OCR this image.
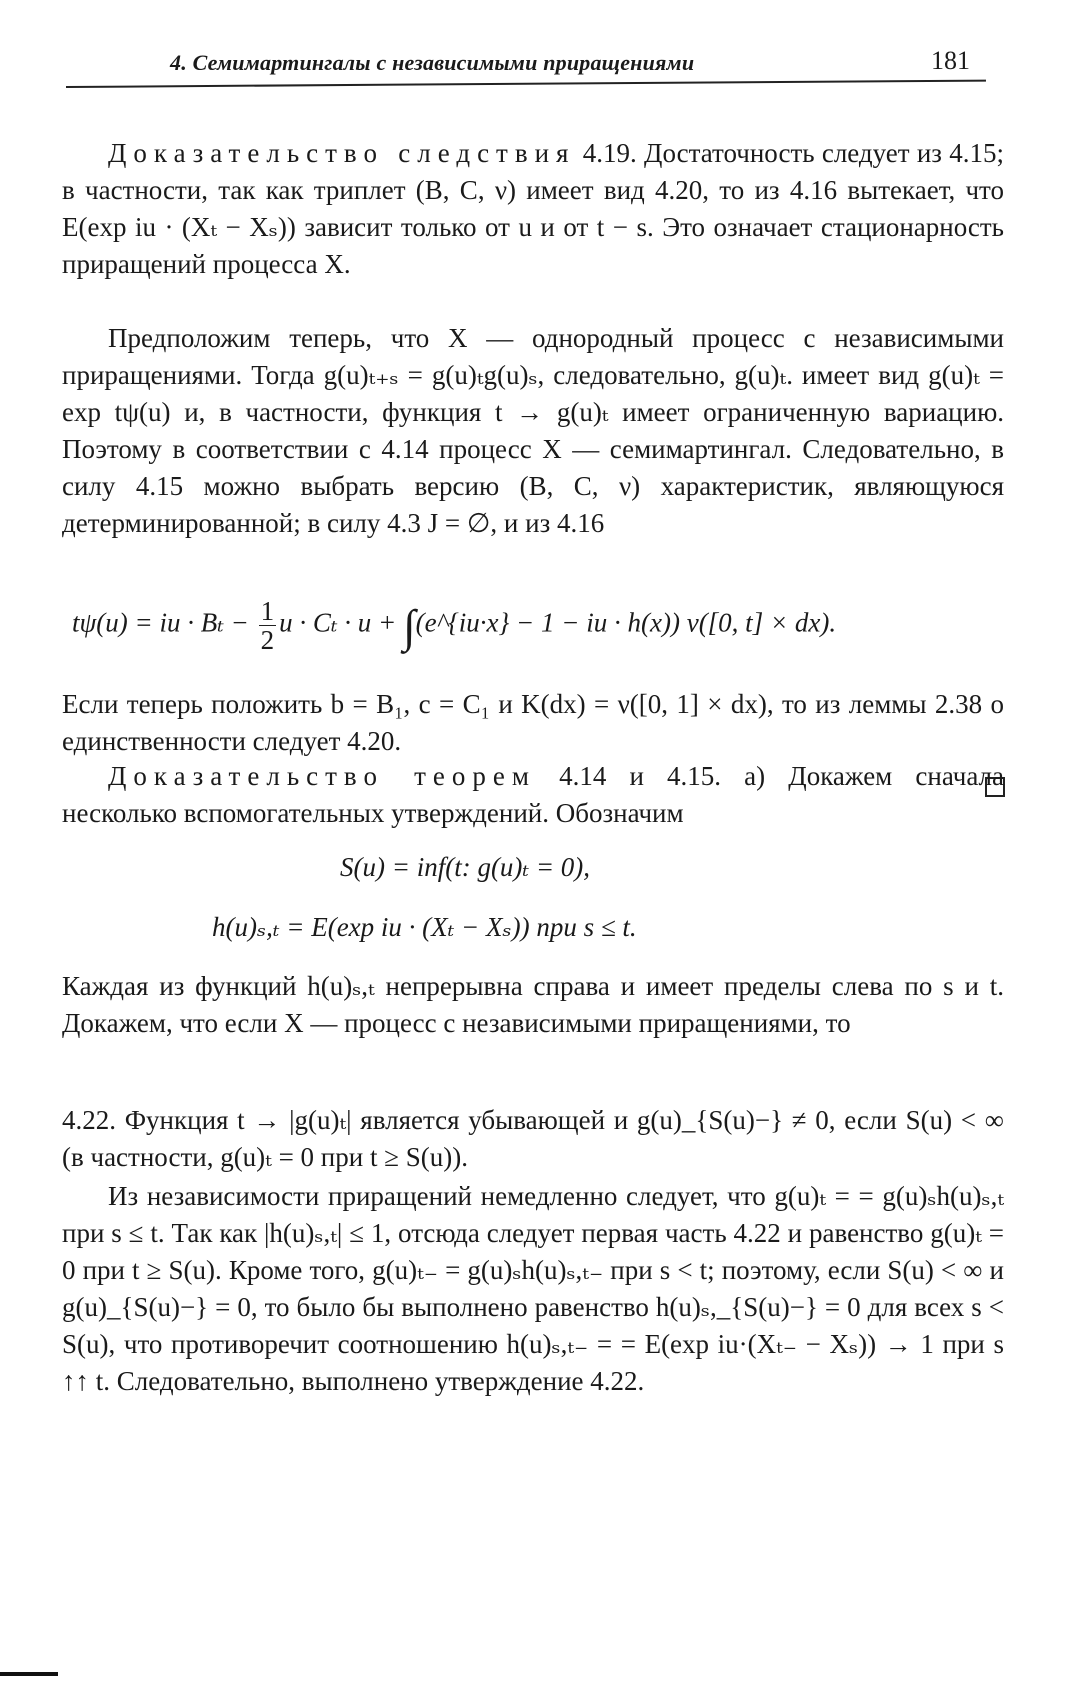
4. Семимартингалы с независимыми приращениями	181

Доказательство следствия 4.19. Достаточность следует из 4.15; в частности, так как триплет (B, C, ν) имеет вид 4.20, то из 4.16 вытекает, что E(exp iu · (Xₜ − Xₛ)) зависит только от u и от t − s. Это означает стационарность приращений процесса X.

Предположим теперь, что X — однородный процесс с независимыми приращениями. Тогда g(u)ₜ₊ₛ = g(u)ₜg(u)ₛ, следовательно, g(u)ₜ. имеет вид g(u)ₜ = exp tψ(u) и, в частности, функция t → g(u)ₜ имеет ограниченную вариацию. Поэтому в соответствии с 4.14 процесс X — семимартингал. Следовательно, в силу 4.15 можно выбрать версию (B, C, ν) характеристик, являющуюся детерминированной; в силу 4.3 J = ∅, и из 4.16

tψ(u) = iu · $B_t - \frac{1}{2}$ u · Cₜ · u + ∫(e^{iu·x} − 1 − iu · h(x)) ν([0, t] × dx).

Если теперь положить b = B₁, c = C₁ и K(dx) = ν([0, 1] × dx), то из леммы 2.38 о единственности следует 4.20.

Доказательство теорем 4.14 и 4.15. а) Докажем сначала несколько вспомогательных утверждений. Обозначим

S(u) = inf(t: g(u)ₜ = 0),
h(u)ₛ,ₜ = E(exp iu · (Xₜ − Xₛ)) при s ≤ t.

Каждая из функций h(u)ₛ,ₜ непрерывна справа и имеет пределы слева по s и t. Докажем, что если X — процесс с независимыми приращениями, то

4.22. Функция t → |g(u)ₜ| является убывающей и g(u)_{S(u)−} ≠ 0, если S(u) < ∞ (в частности, g(u)ₜ = 0 при t ≥ S(u)).

Из независимости приращений немедленно следует, что g(u)ₜ = = g(u)ₛh(u)ₛ,ₜ при s ≤ t. Так как |h(u)ₛ,ₜ| ≤ 1, отсюда следует первая часть 4.22 и равенство g(u)ₜ = 0 при t ≥ S(u). Кроме того, g(u)ₜ₋ = g(u)ₛh(u)ₛ,ₜ₋ при s < t; поэтому, если S(u) < ∞ и g(u)_{S(u)−} = 0, то было бы выполнено равенство h(u)ₛ,_{S(u)−} = 0 для всех s < S(u), что противоречит соотношению h(u)ₛ,ₜ₋ = = E(exp iu·(Xₜ₋ − Xₛ)) → 1 при s ↑↑ t. Следовательно, выполнено утверждение 4.22.
